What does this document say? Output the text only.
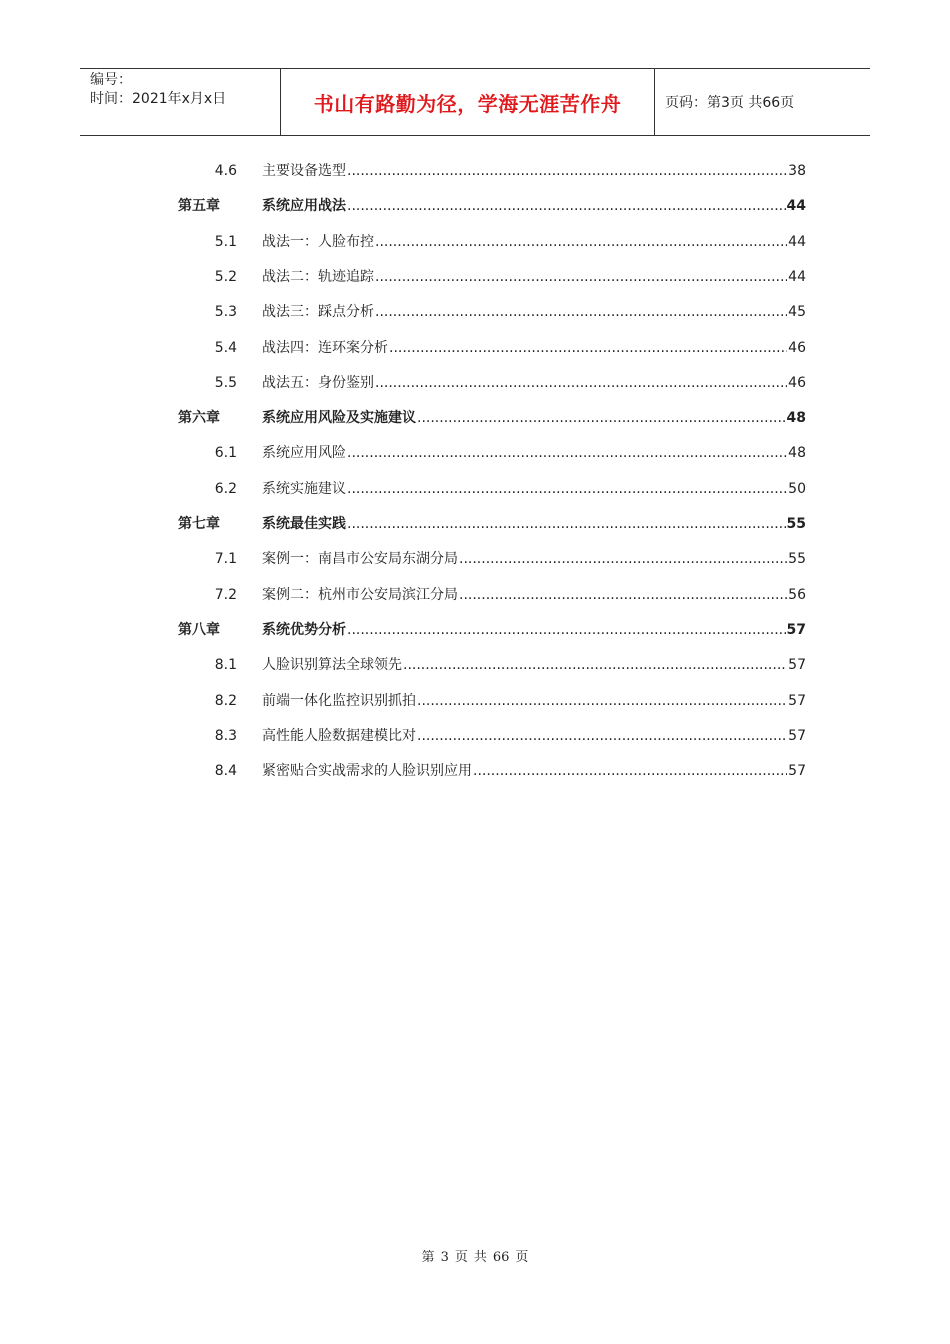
编号：
时间：2021年x月x日	书山有路勤为径，学海无涯苦作舟	页码：第3页 共66页
4.6 主要设备选型 .....	38
第五章	系统应用战法 .....	44
5.1 战法一：人脸布控 .....	44
5.2 战法二：轨迹追踪 .....	44
5.3 战法三：踩点分析 .....	45
5.4 战法四：连环案分析 .....	46
5.5 战法五：身份鉴别 .....	46
第六章	系统应用风险及实施建议 .....	48
6.1 系统应用风险 .....	48
6.2 系统实施建议 .....	50
第七章	系统最佳实践 .....	55
7.1 案例一：南昌市公安局东湖分局 .....	55
7.2 案例二：杭州市公安局滨江分局 .....	56
第八章	系统优势分析 .....	57
8.1 人脸识别算法全球领先 .....	57
8.2 前端一体化监控识别抓拍 .....	57
8.3 高性能人脸数据建模比对 .....	57
8.4 紧密贴合实战需求的人脸识别应用 .....	57
第 3 页 共 66 页
